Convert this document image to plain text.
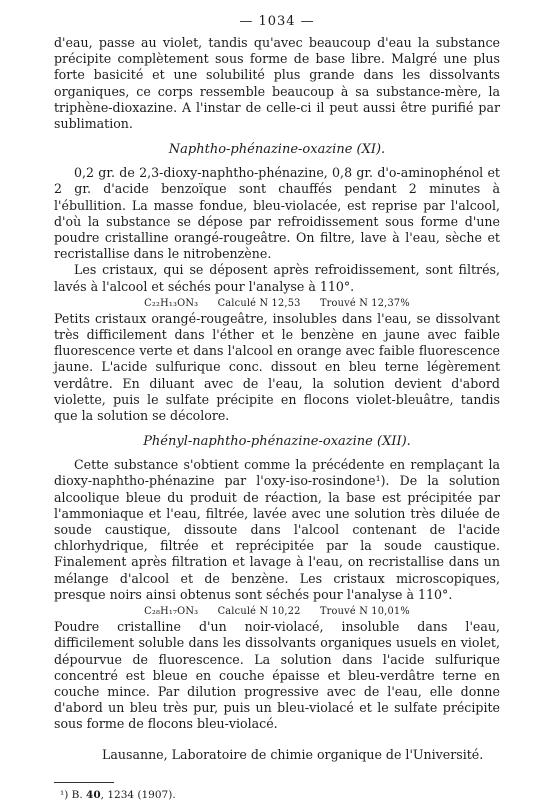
— 1034 —

d'eau, passe au violet, tandis qu'avec beaucoup d'eau la substance précipite complètement sous forme de base libre. Malgré une plus forte basicité et une solubilité plus grande dans les dissolvants organiques, ce corps ressemble beaucoup à sa substance-mère, la triphène-dioxazine. A l'instar de celle-ci il peut aussi être purifié par sublimation.

Naphtho-phénazine-oxazine (XI).

0,2 gr. de 2,3-dioxy-naphtho-phénazine, 0,8 gr. d'o-aminophénol et 2 gr. d'acide benzoïque sont chauffés pendant 2 minutes à l'ébullition. La masse fondue, bleu-violacée, est reprise par l'alcool, d'où la substance se dépose par refroidissement sous forme d'une poudre cristalline orangé-rougeâtre. On filtre, lave à l'eau, sèche et recristallise dans le nitrobenzène.

Les cristaux, qui se déposent après refroidissement, sont filtrés, lavés à l'alcool et séchés pour l'analyse à 110°.

C₂₂H₁₃ON₃ Calculé N 12,53 Trouvé N 12,37%

Petits cristaux orangé-rougeâtre, insolubles dans l'eau, se dissolvant très difficilement dans l'éther et le benzène en jaune avec faible fluorescence verte et dans l'alcool en orange avec faible fluorescence jaune. L'acide sulfurique conc. dissout en bleu terne légèrement verdâtre. En diluant avec de l'eau, la solution devient d'abord violette, puis le sulfate précipite en flocons violet-bleuâtre, tandis que la solution se décolore.

Phényl-naphtho-phénazine-oxazine (XII).

Cette substance s'obtient comme la précédente en remplaçant la dioxy-naphtho-phénazine par l'oxy-iso-rosindone¹). De la solution alcoolique bleue du produit de réaction, la base est précipitée par l'ammoniaque et l'eau, filtrée, lavée avec une solution très diluée de soude caustique, dissoute dans l'alcool contenant de l'acide chlorhydrique, filtrée et reprécipitée par la soude caustique. Finalement après filtration et lavage à l'eau, on recristallise dans un mélange d'alcool et de benzène. Les cristaux microscopiques, presque noirs ainsi obtenus sont séchés pour l'analyse à 110°.

C₂₈H₁₇ON₃ Calculé N 10,22 Trouvé N 10,01%

Poudre cristalline d'un noir-violacé, insoluble dans l'eau, difficilement soluble dans les dissolvants organiques usuels en violet, dépourvue de fluorescence. La solution dans l'acide sulfurique concentré est bleue en couche épaisse et bleu-verdâtre terne en couche mince. Par dilution progressive avec de l'eau, elle donne d'abord un bleu très pur, puis un bleu-violacé et le sulfate précipite sous forme de flocons bleu-violacé.

Lausanne, Laboratoire de chimie organique de l'Université.
¹) B. 40, 1234 (1907).
